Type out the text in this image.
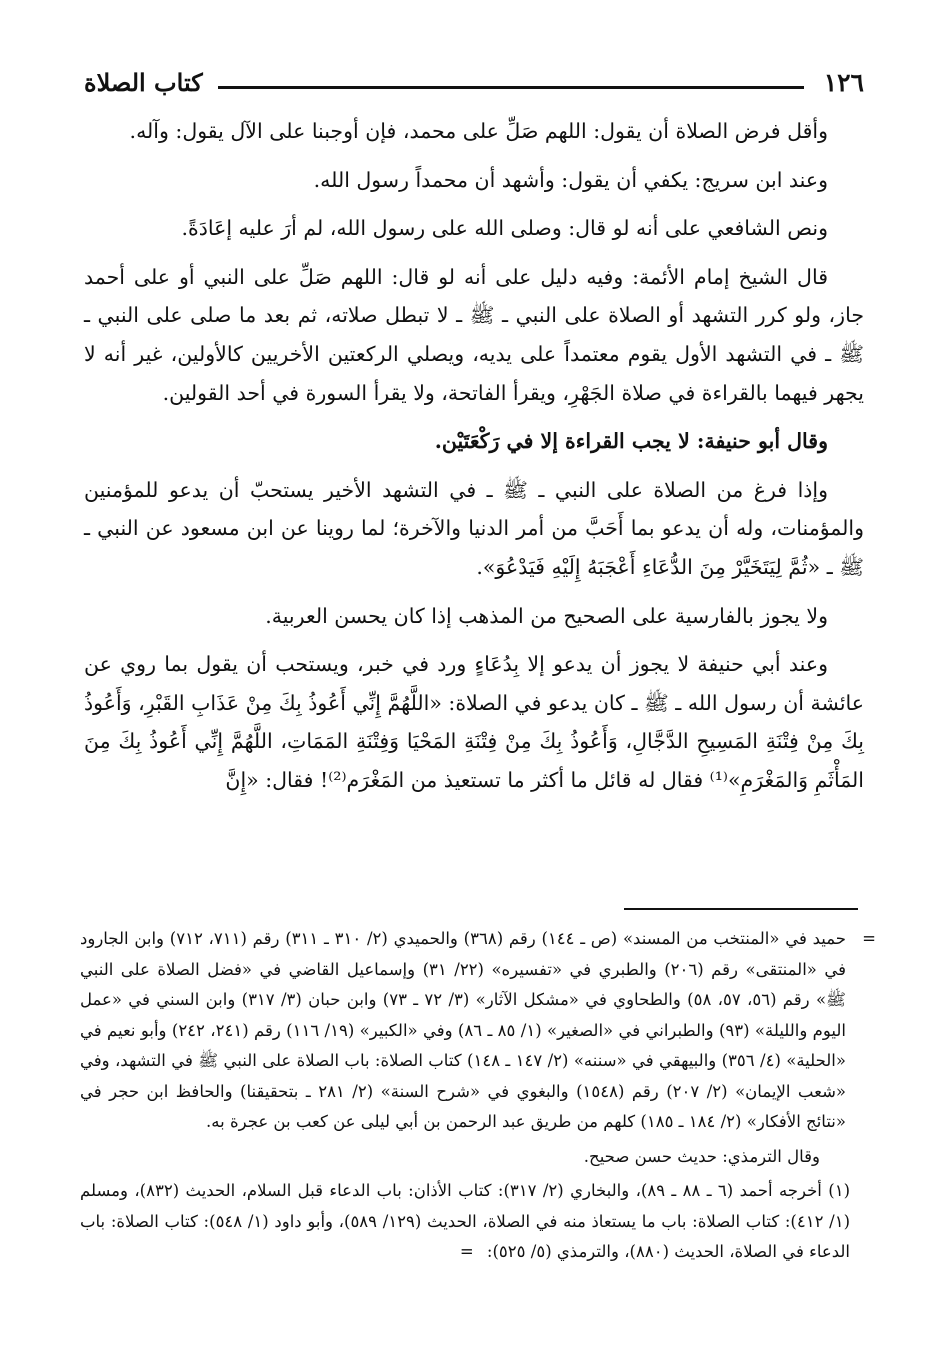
١٢٦
كتاب الصلاة

وأقل فرض الصلاة أن يقول: اللهم صَلِّ على محمد، فإن أوجبنا على الآل يقول: وآله.

وعند ابن سريج: يكفي أن يقول: وأشهد أن محمداً رسول الله.

ونص الشافعي على أنه لو قال: وصلى الله على رسول الله، لم أرَ عليه إعَادَةً.

قال الشيخ إمام الأئمة: وفيه دليل على أنه لو قال: اللهم صَلِّ على النبي أو على أحمد جاز، ولو كرر التشهد أو الصلاة على النبي ـ ﷺ ـ لا تبطل صلاته، ثم بعد ما صلى على النبي ـ ﷺ ـ في التشهد الأول يقوم معتمداً على يديه، ويصلي الركعتين الأخريين كالأولين، غير أنه لا يجهر فيهما بالقراءة في صلاة الجَهْرِ، ويقرأ الفاتحة، ولا يقرأ السورة في أحد القولين.

وقال أبو حنيفة: لا يجب القراءة إلا في رَكْعَتَيْن.

وإذا فرغ من الصلاة على النبي ـ ﷺ ـ في التشهد الأخير يستحبّ أن يدعو للمؤمنين والمؤمنات، وله أن يدعو بما أَحَبَّ من أمر الدنيا والآخرة؛ لما روينا عن ابن مسعود عن النبي ـ ﷺ ـ «ثُمَّ لِيَتَخَيَّرْ مِنَ الدُّعَاءِ أَعْجَبَهُ إِلَيْهِ فَيَدْعُوَ».

ولا يجوز بالفارسية على الصحيح من المذهب إذا كان يحسن العربية.

وعند أبي حنيفة لا يجوز أن يدعو إلا بِدُعَاءٍ ورد في خبر، ويستحب أن يقول بما روي عن عائشة أن رسول الله ـ ﷺ ـ كان يدعو في الصلاة: «اللَّهُمَّ إِنِّي أَعُوذُ بِكَ مِنْ عَذَابِ القَبْرِ، وَأَعُوذُ بِكَ مِنْ فِتْنَةِ المَسِيحِ الدَّجَّالِ، وَأَعُوذُ بِكَ مِنْ فِتْنَةِ المَحْيَا وَفِتْنَةِ المَمَاتِ، اللَّهُمَّ إِنِّي أَعُوذُ بِكَ مِنَ المَأْثَمِ وَالمَغْرَمِ»⁽¹⁾ فقال له قائل ما أكثر ما تستعيذ من المَغْرَم⁽²⁾! فقال: «إِنَّ

=
حميد في «المنتخب من المسند» (ص ـ ١٤٤) رقم (٣٦٨) والحميدي (٢/ ٣١٠ ـ ٣١١) رقم (٧١١، ٧١٢) وابن الجارود في «المنتقى» رقم (٢٠٦) والطبري في «تفسيره» (٢٢/ ٣١) وإسماعيل القاضي في «فضل الصلاة على النبي ﷺ» رقم (٥٦، ٥٧، ٥٨) والطحاوي في «مشكل الآثار» (٣/ ٧٢ ـ ٧٣) وابن حبان (٣/ ٣١٧) وابن السني في «عمل اليوم والليلة» (٩٣) والطبراني في «الصغير» (١/ ٨٥ ـ ٨٦) وفي «الكبير» (١٩/ ١١٦) رقم (٢٤١، ٢٤٢) وأبو نعيم في «الحلية» (٤/ ٣٥٦) والبيهقي في «سننه» (٢/ ١٤٧ ـ ١٤٨) كتاب الصلاة: باب الصلاة على النبي ﷺ في التشهد، وفي «شعب الإيمان» (٢/ ٢٠٧) رقم (١٥٤٨) والبغوي في «شرح السنة» (٢/ ٢٨١ ـ بتحقيقنا) والحافظ ابن حجر في «نتائج الأفكار» (٢/ ١٨٤ ـ ١٨٥) كلهم من طريق عبد الرحمن بن أبي ليلى عن كعب بن عجرة به.

وقال الترمذي: حديث حسن صحيح.

(١) أخرجه أحمد (٦ ـ ٨٨ ـ ٨٩)، والبخاري (٢/ ٣١٧): كتاب الأذان: باب الدعاء قبل السلام، الحديث (٨٣٢)، ومسلم (١/ ٤١٢): كتاب الصلاة: باب ما يستعاذ منه في الصلاة، الحديث (١٢٩/ ٥٨٩)، وأبو داود (١/ ٥٤٨): كتاب الصلاة: باب الدعاء في الصلاة، الحديث (٨٨٠)، والترمذي (٥/ ٥٢٥): =
